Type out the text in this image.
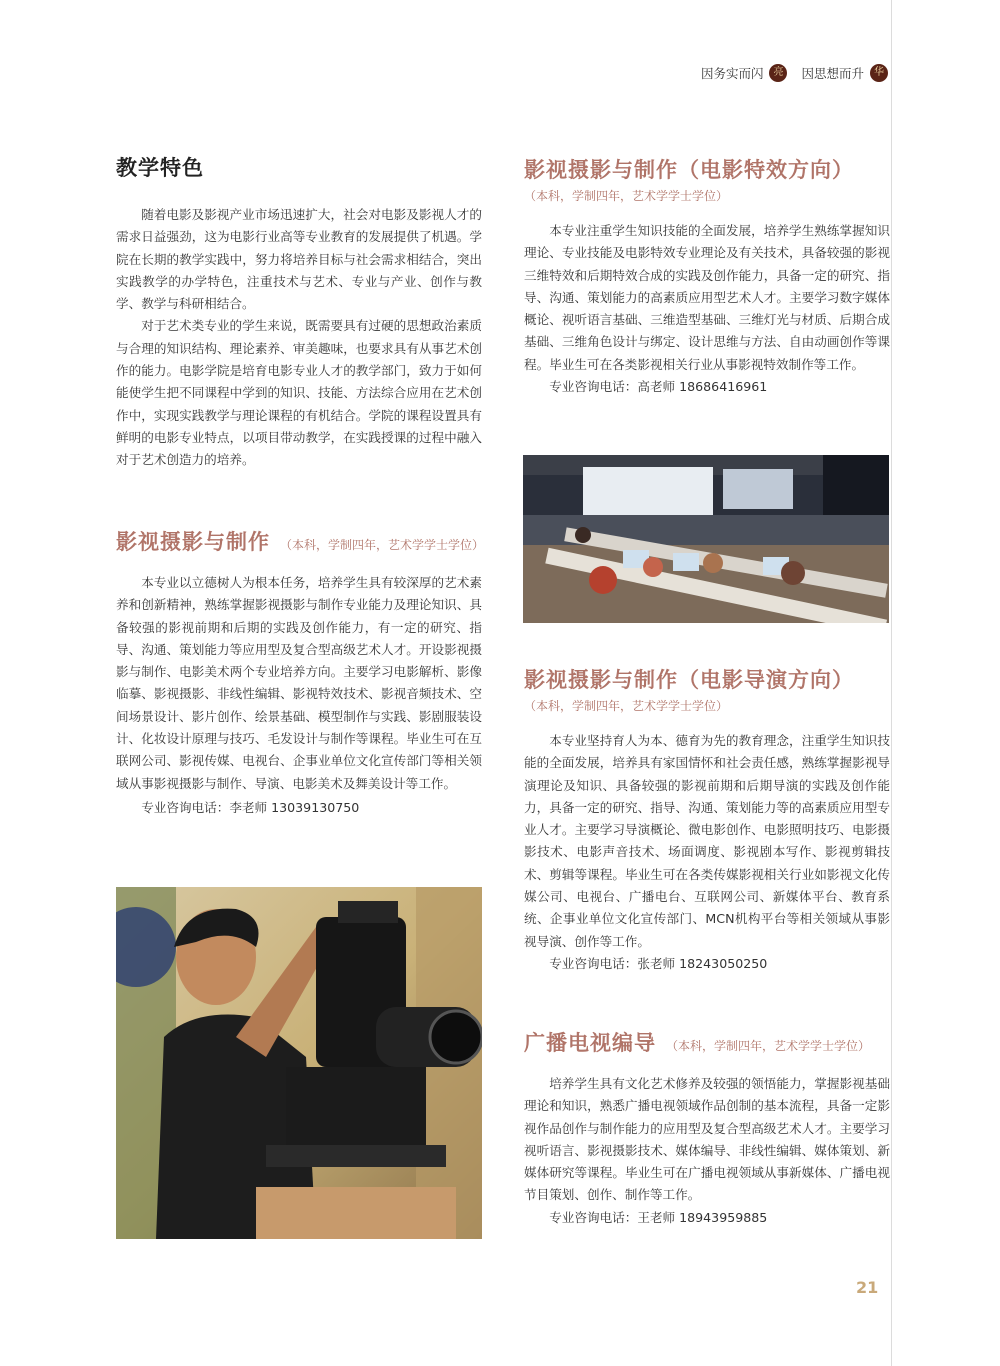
因务实而闪	亮	因思想而升	华
教学特色

随着电影及影视产业市场迅速扩大，社会对电影及影视人才的需求日益强劲，这为电影行业高等专业教育的发展提供了机遇。学院在长期的教学实践中，努力将培养目标与社会需求相结合，突出实践教学的办学特色，注重技术与艺术、专业与产业、创作与教学、教学与科研相结合。

对于艺术类专业的学生来说，既需要具有过硬的思想政治素质与合理的知识结构、理论素养、审美趣味，也要求具有从事艺术创作的能力。电影学院是培育电影专业人才的教学部门，致力于如何能使学生把不同课程中学到的知识、技能、方法综合应用在艺术创作中，实现实践教学与理论课程的有机结合。学院的课程设置具有鲜明的电影专业特点，以项目带动教学，在实践授课的过程中融入对于艺术创造力的培养。

影视摄影与制作 （本科，学制四年，艺术学学士学位）

本专业以立德树人为根本任务，培养学生具有较深厚的艺术素养和创新精神，熟练掌握影视摄影与制作专业能力及理论知识、具备较强的影视前期和后期的实践及创作能力，有一定的研究、指导、沟通、策划能力等应用型及复合型高级艺术人才。开设影视摄影与制作、电影美术两个专业培养方向。主要学习电影解析、影像临摹、影视摄影、非线性编辑、影视特效技术、影视音频技术、空间场景设计、影片创作、绘景基础、模型制作与实践、影剧服装设计、化妆设计原理与技巧、毛发设计与制作等课程。毕业生可在互联网公司、影视传媒、电视台、企事业单位文化宣传部门等相关领域从事影视摄影与制作、导演、电影美术及舞美设计等工作。

专业咨询电话：李老师 13039130750

影视摄影与制作（电影特效方向）
（本科，学制四年，艺术学学士学位）

本专业注重学生知识技能的全面发展，培养学生熟练掌握知识理论、专业技能及电影特效专业理论及有关技术，具备较强的影视三维特效和后期特效合成的实践及创作能力，具备一定的研究、指导、沟通、策划能力的高素质应用型艺术人才。主要学习数字媒体概论、视听语言基础、三维造型基础、三维灯光与材质、后期合成基础、三维角色设计与绑定、设计思维与方法、自由动画创作等课程。毕业生可在各类影视相关行业从事影视特效制作等工作。

专业咨询电话：高老师 18686416961

影视摄影与制作（电影导演方向）
（本科，学制四年，艺术学学士学位）

本专业坚持育人为本、德育为先的教育理念，注重学生知识技能的全面发展，培养具有家国情怀和社会责任感，熟练掌握影视导演理论及知识、具备较强的影视前期和后期导演的实践及创作能力，具备一定的研究、指导、沟通、策划能力等的高素质应用型专业人才。主要学习导演概论、微电影创作、电影照明技巧、电影摄影技术、电影声音技术、场面调度、影视剧本写作、影视剪辑技术、剪辑等课程。毕业生可在各类传媒影视相关行业如影视文化传媒公司、电视台、广播电台、互联网公司、新媒体平台、教育系统、企事业单位文化宣传部门、MCN机构平台等相关领域从事影视导演、创作等工作。

专业咨询电话：张老师 18243050250

广播电视编导 （本科，学制四年，艺术学学士学位）

培养学生具有文化艺术修养及较强的领悟能力，掌握影视基础理论和知识，熟悉广播电视领域作品创制的基本流程，具备一定影视作品创作与制作能力的应用型及复合型高级艺术人才。主要学习视听语言、影视摄影技术、媒体编导、非线性编辑、媒体策划、新媒体研究等课程。毕业生可在广播电视领域从事新媒体、广播电视节目策划、创作、制作等工作。

专业咨询电话：王老师 18943959885

21
